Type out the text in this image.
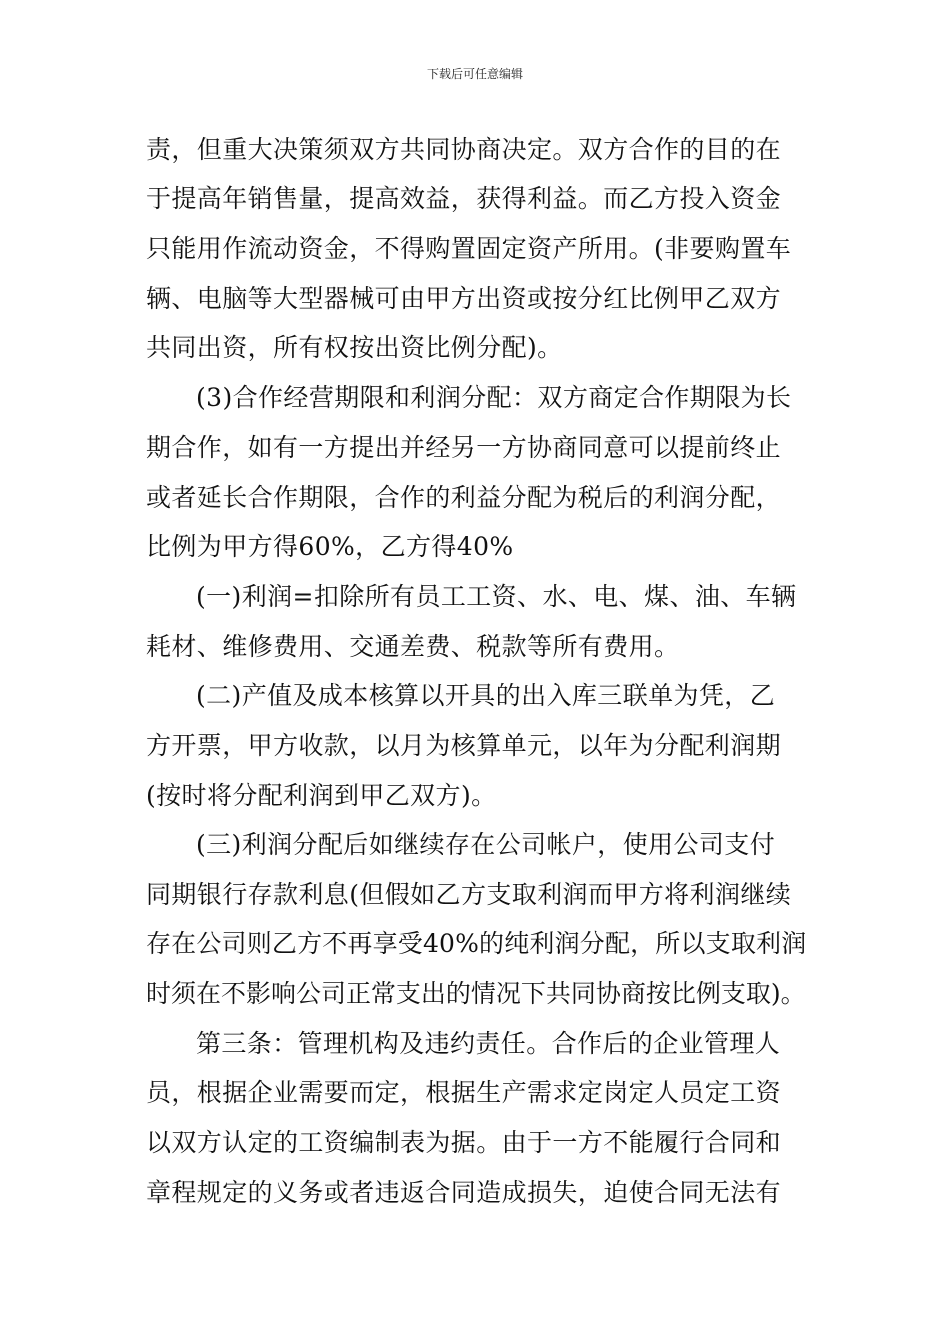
下载后可任意编辑
责，但重大决策须双方共同协商决定。双方合作的目的在
于提高年销售量，提高效益，获得利益。而乙方投入资金
只能用作流动资金，不得购置固定资产所用。(非要购置车
辆、电脑等大型器械可由甲方出资或按分红比例甲乙双方
共同出资，所有权按出资比例分配)。
(3)合作经营期限和利润分配：双方商定合作期限为长
期合作，如有一方提出并经另一方协商同意可以提前终止
或者延长合作期限，合作的利益分配为税后的利润分配，
比例为甲方得60%，乙方得40%
(一)利润=扣除所有员工工资、水、电、煤、油、车辆
耗材、维修费用、交通差费、税款等所有费用。
(二)产值及成本核算以开具的出入库三联单为凭，乙
方开票，甲方收款，以月为核算单元，以年为分配利润期
(按时将分配利润到甲乙双方)。
(三)利润分配后如继续存在公司帐户，使用公司支付
同期银行存款利息(但假如乙方支取利润而甲方将利润继续
存在公司则乙方不再享受40%的纯利润分配，所以支取利润
时须在不影响公司正常支出的情况下共同协商按比例支取)。
第三条：管理机构及违约责任。合作后的企业管理人
员，根据企业需要而定，根据生产需求定岗定人员定工资
以双方认定的工资编制表为据。由于一方不能履行合同和
章程规定的义务或者违返合同造成损失，迫使合同无法有
